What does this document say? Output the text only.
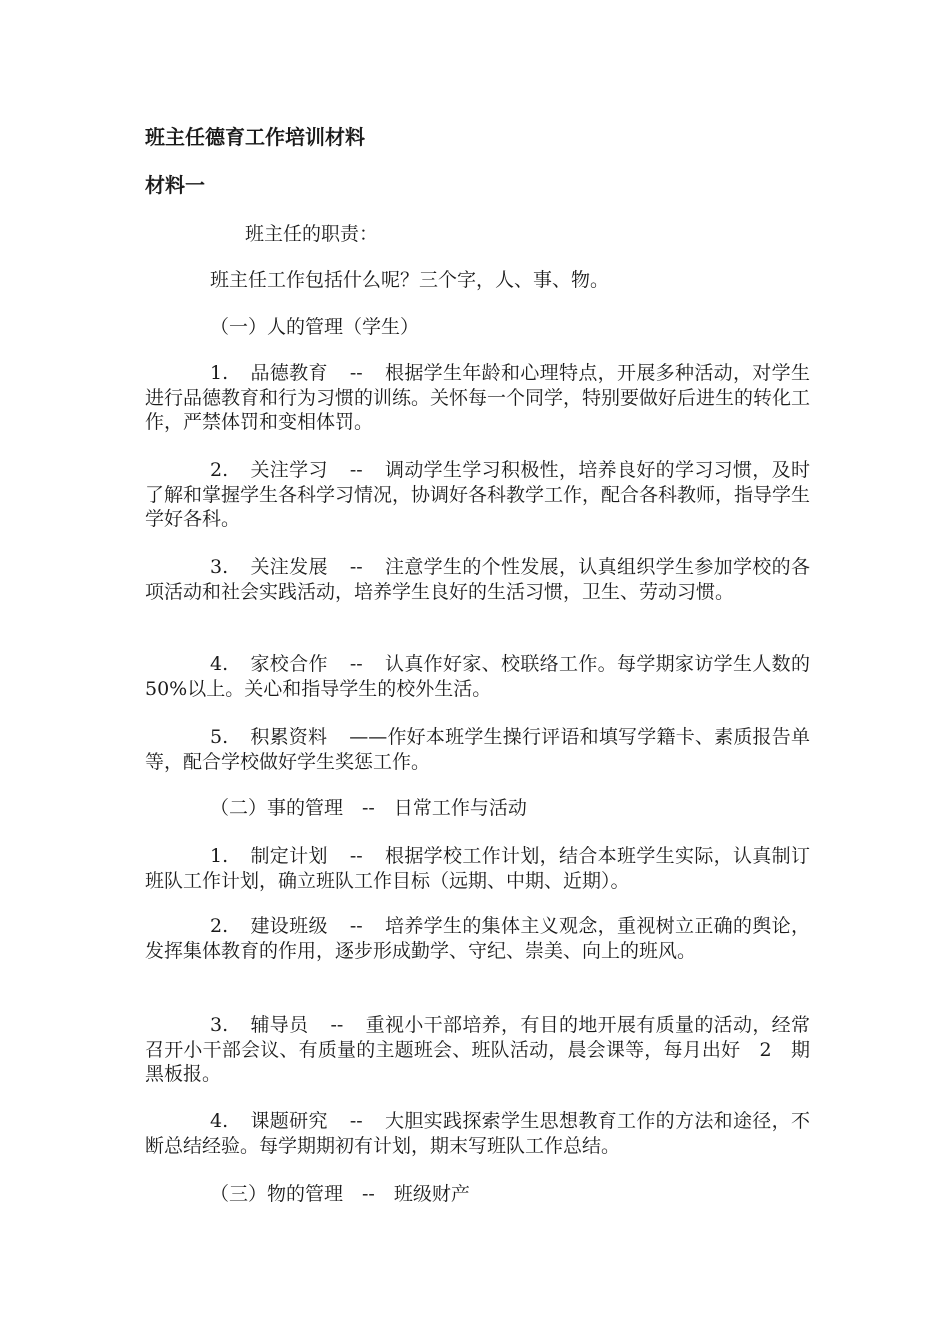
班主任德育工作培训材料
材料一
班主任的职责：
班主任工作包括什么呢？三个字，人、事、物。
（一）人的管理（学生）
1. 品德教育 -- 根据学生年龄和心理特点，开展多种活动，对学生进行品德教育和行为习惯的训练。关怀每一个同学，特别要做好后进生的转化工作，严禁体罚和变相体罚。
2. 关注学习 -- 调动学生学习积极性，培养良好的学习习惯，及时了解和掌握学生各科学习情况，协调好各科教学工作，配合各科教师，指导学生学好各科。
3. 关注发展 -- 注意学生的个性发展，认真组织学生参加学校的各项活动和社会实践活动，培养学生良好的生活习惯，卫生、劳动习惯。
4. 家校合作 -- 认真作好家、校联络工作。每学期家访学生人数的　50%以上。关心和指导学生的校外生活。
5. 积累资料 ——作好本班学生操行评语和填写学籍卡、素质报告单等，配合学校做好学生奖惩工作。
（二）事的管理　--　日常工作与活动
1. 制定计划 -- 根据学校工作计划，结合本班学生实际，认真制订班队工作计划，确立班队工作目标（远期、中期、近期）。
2. 建设班级 -- 培养学生的集体主义观念，重视树立正确的舆论，发挥集体教育的作用，逐步形成勤学、守纪、崇美、向上的班风。
3. 辅导员 -- 重视小干部培养，有目的地开展有质量的活动，经常召开小干部会议、有质量的主题班会、班队活动，晨会课等，每月出好　2　期黑板报。
4. 课题研究 -- 大胆实践探索学生思想教育工作的方法和途径，不断总结经验。每学期期初有计划，期末写班队工作总结。
（三）物的管理　--　班级财产
